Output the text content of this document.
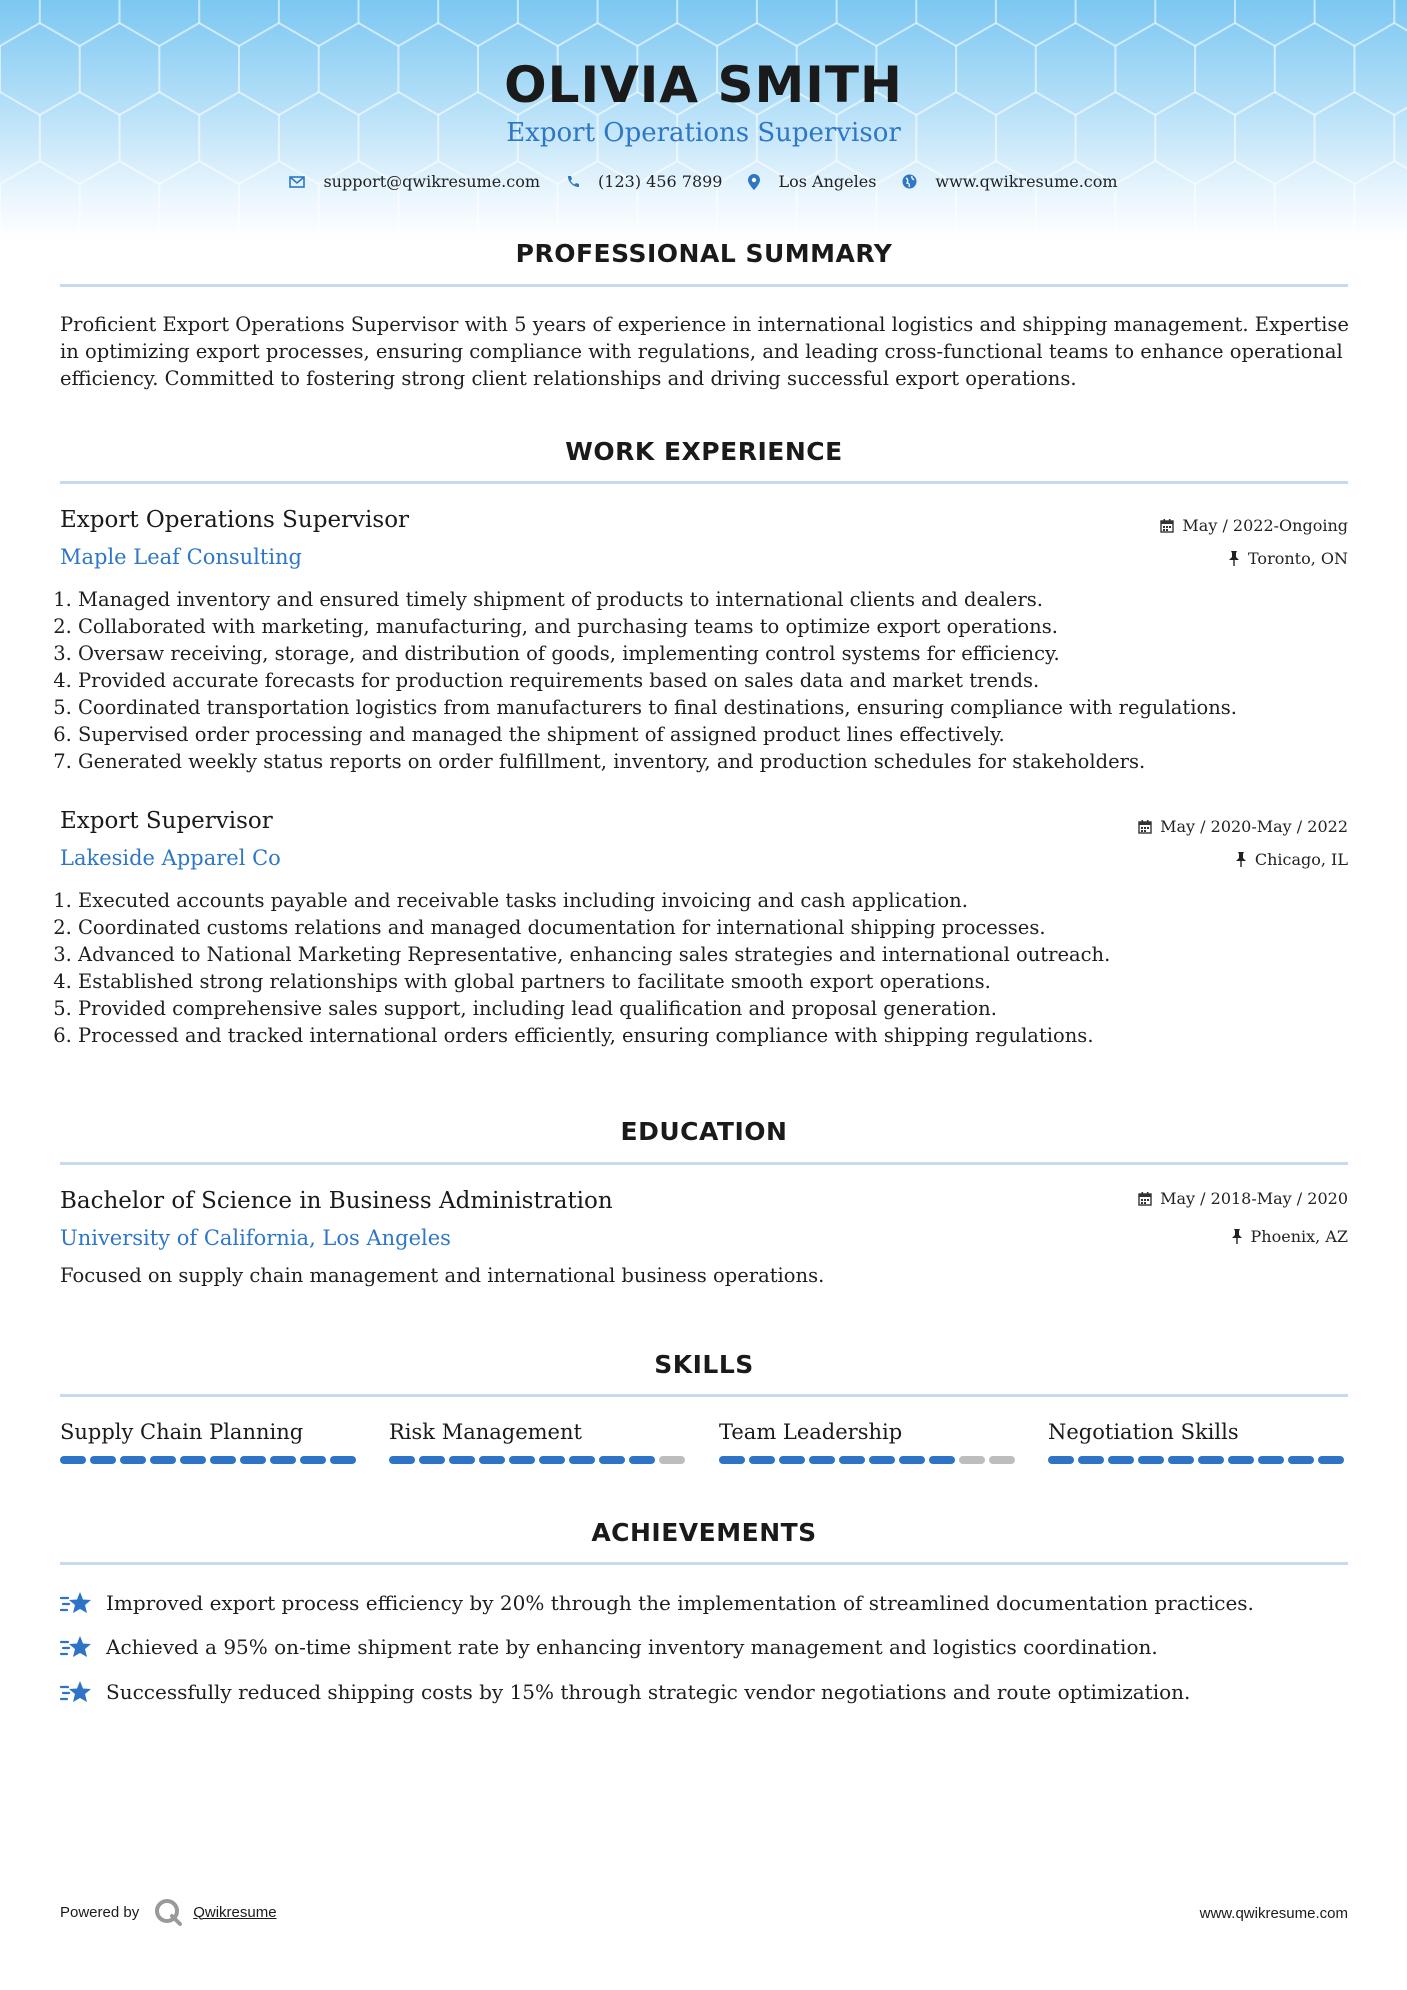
OLIVIA SMITH
Export Operations Supervisor
support@qwikresume.com	(123) 456 7899	Los Angeles	www.qwikresume.com
PROFESSIONAL SUMMARY
Proficient Export Operations Supervisor with 5 years of experience in international logistics and shipping management. Expertise in optimizing export processes, ensuring compliance with regulations, and leading cross-functional teams to enhance operational efficiency. Committed to fostering strong client relationships and driving successful export operations.
WORK EXPERIENCE
Export Operations Supervisor
Maple Leaf Consulting
May / 2022-Ongoing
Toronto, ON
1. Managed inventory and ensured timely shipment of products to international clients and dealers.
2. Collaborated with marketing, manufacturing, and purchasing teams to optimize export operations.
3. Oversaw receiving, storage, and distribution of goods, implementing control systems for efficiency.
4. Provided accurate forecasts for production requirements based on sales data and market trends.
5. Coordinated transportation logistics from manufacturers to final destinations, ensuring compliance with regulations.
6. Supervised order processing and managed the shipment of assigned product lines effectively.
7. Generated weekly status reports on order fulfillment, inventory, and production schedules for stakeholders.
Export Supervisor
Lakeside Apparel Co
May / 2020-May / 2022
Chicago, IL
1. Executed accounts payable and receivable tasks including invoicing and cash application.
2. Coordinated customs relations and managed documentation for international shipping processes.
3. Advanced to National Marketing Representative, enhancing sales strategies and international outreach.
4. Established strong relationships with global partners to facilitate smooth export operations.
5. Provided comprehensive sales support, including lead qualification and proposal generation.
6. Processed and tracked international orders efficiently, ensuring compliance with shipping regulations.
EDUCATION
Bachelor of Science in Business Administration
University of California, Los Angeles
May / 2018-May / 2020
Phoenix, AZ
Focused on supply chain management and international business operations.
SKILLS
Supply Chain Planning	Risk Management	Team Leadership	Negotiation Skills
ACHIEVEMENTS
Improved export process efficiency by 20% through the implementation of streamlined documentation practices.
Achieved a 95% on-time shipment rate by enhancing inventory management and logistics coordination.
Successfully reduced shipping costs by 15% through strategic vendor negotiations and route optimization.
Powered by	Qwikresume	www.qwikresume.com
